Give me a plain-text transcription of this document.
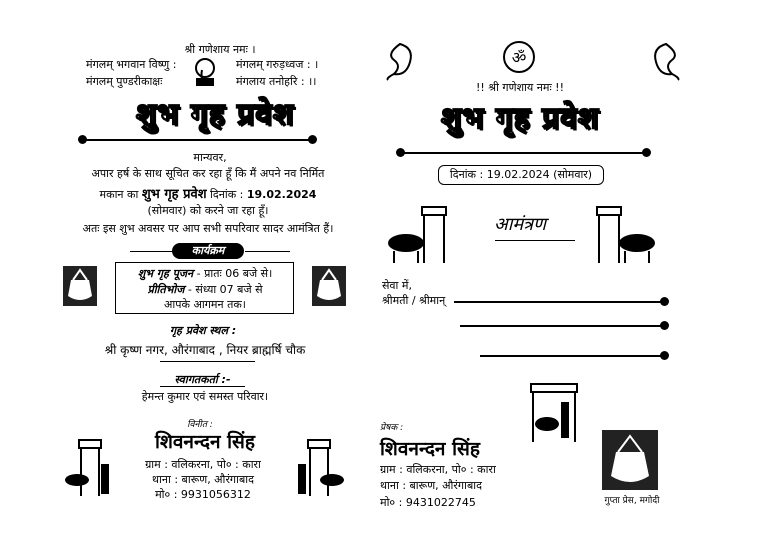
श्री गणेशाय नमः ।
मंगलम् भगवान विष्णु :	मंगलम् गरुड़ध्वज : ।
मंगलम् पुण्डरीकाक्षः	मंगलाय तनोहरि : ।।
शुभ गृह प्रवेश
मान्यवर,
अपार हर्ष के साथ सूचित कर रहा हूँ कि मैं अपने नव निर्मित
मकान का शुभ गृह प्रवेश दिनांक : 19.02.2024
(सोमवार) को करने जा रहा हूँ।
अतः इस शुभ अवसर पर आप सभी सपरिवार सादर आमंत्रित हैं।
कार्यक्रम
शुभ गृह पूजन - प्रातः 06 बजे से।
प्रीतिभोज - संध्या 07 बजे से
आपके आगमन तक।
गृह प्रवेश स्थल :
श्री कृष्ण नगर, औरंगाबाद , नियर ब्राह्मर्षि चौक
स्वागतकर्ता :-
हेमन्त कुमार एवं समस्त परिवार।
विनीत :
शिवनन्दन सिंह
ग्राम : वलिकरना, पो० : कारा
थाना : बारूण, औरंगाबाद
मो० : 9931056312
ॐ
!! श्री गणेशाय नमः !!
शुभ गृह प्रवेश
दिनांक : 19.02.2024 (सोमवार)
आमंत्रण
सेवा में,
श्रीमती / श्रीमान्
प्रेषक :
शिवनन्दन सिंह
ग्राम : वलिकरना, पो० : कारा
थाना : बारूण, औरंगाबाद
मो० : 9431022745	गुप्ता प्रेस, मगोदी
